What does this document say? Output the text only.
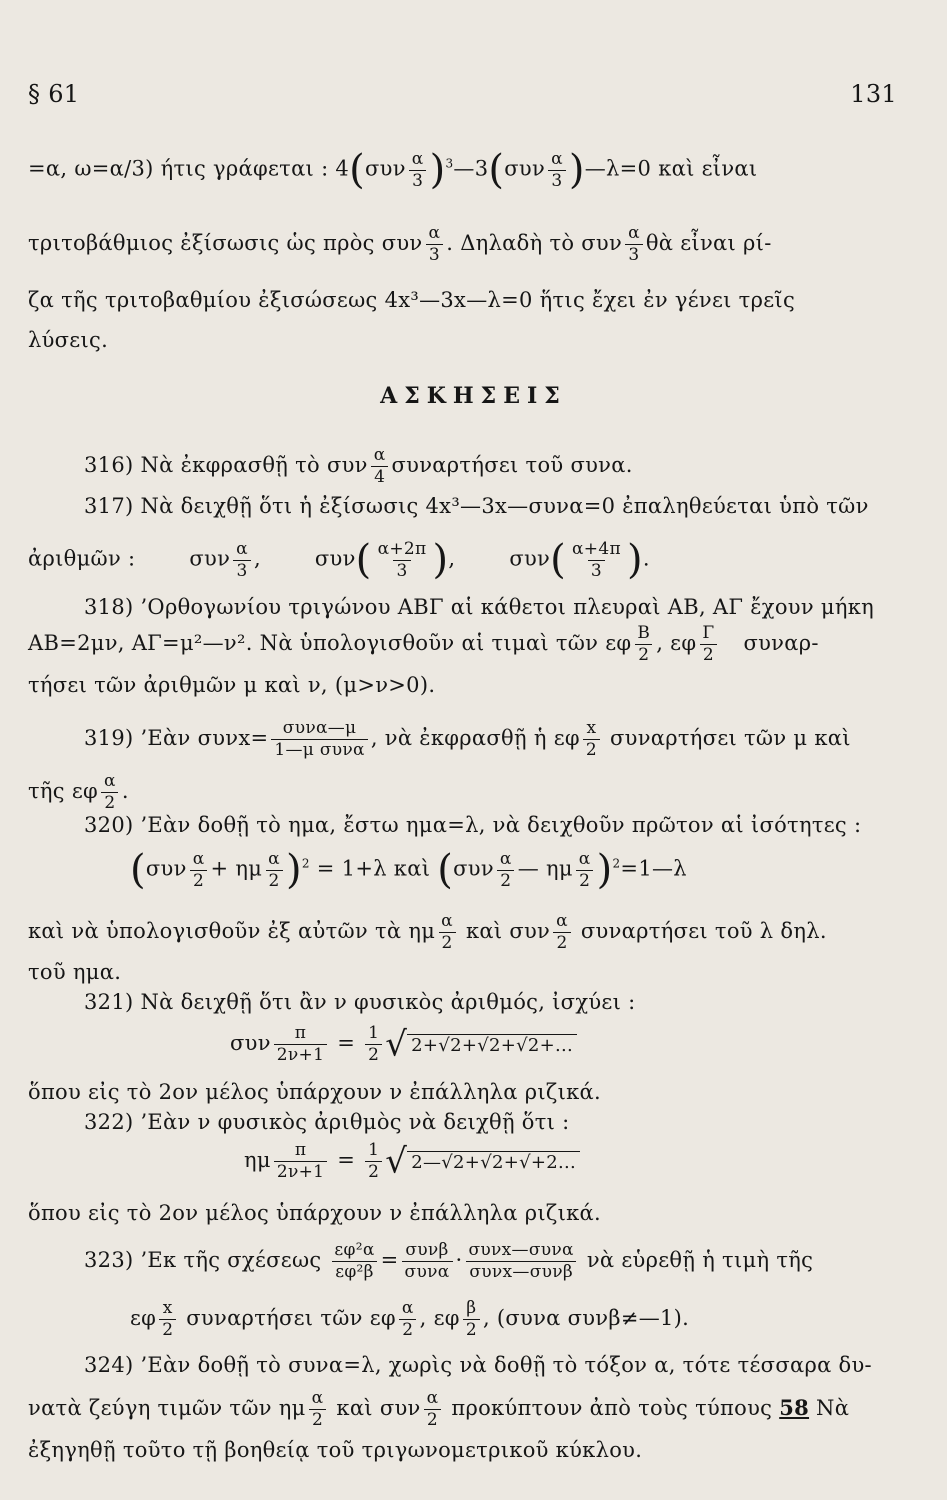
§ 61	131
=α, ω=α/3) ήτις γράφεται : $4(\sigma\upsilon\nu \frac{\alpha}{3}$ )$^3$—3(συν $\frac{\alpha}{3}$ )—λ=0 καὶ εἶναι
τριτοβάθμιος ἐξίσωσις ὡς πρὸς συν $\frac{\alpha}{3}$ . Δηλαδὴ τὸ συν $\frac{\alpha}{3}$ θὰ εἶναι ρί-
ζα τῆς τριτοβαθμίου ἐξισώσεως 4x³—3x—λ=0 ἥτις ἔχει ἐν γένει τρεῖς
λύσεις.
ΑΣΚΗΣΕΙΣ
316) Νὰ ἐκφρασθῇ τὸ συν $\frac{\alpha}{4}$ συναρτήσει τοῦ συνα.
317) Νὰ δειχθῇ ὅτι ἡ ἐξίσωσις 4x³—3x—συνα=0 ἐπαληθεύεται ὑπὸ τῶν
ἀριθμῶν :	συν $\frac{\alpha}{3}$ ,  $\sigma\upsilon\nu( \frac{\alpha+2\pi}{3}$ ),  $\sigma\upsilon\nu( \frac{\alpha+4\pi}{3}$ ).
318) ’Ορθογωνίου τριγώνου ΑΒΓ αἱ κάθετοι πλευραὶ ΑΒ, ΑΓ ἔχουν μήκη
ΑΒ=2μν, ΑΓ=μ²—ν². Νὰ ὑπολογισθοῦν αἱ τιμαὶ τῶν εφ $\frac{B}{2}$ , εφ $\frac{\Gamma}{2} \sigma\upsilon\nu\alpha\rho-$
τήσει τῶν ἀριθμῶν μ καὶ ν, (μ>ν>0).
319) ’Εὰν $\sigma\upsilon\nu x= \frac{\text{συνα—μ}}{\text{1—μ συνα}}$ , νὰ ἐκφρασθῇ ἡ εφ $\frac{x}{2}$ συναρτήσει τῶν μ καὶ
τῆς εφ $\frac{\alpha}{2}$ .
320) ’Εὰν δοθῇ τὸ ημα, ἔστω ημα=λ, νὰ δειχθοῦν πρῶτον αἱ ἰσότητες :
$(\sigma\upsilon\nu \frac{\alpha}{2} + \eta\mu \frac{\alpha}{2} )^2 = 1+\lambda$ καὶ ($\sigma\upsilon\nu \frac{\alpha}{2}$ — ημ $\frac{\alpha}{2}$ )$^2$=1—λ
καὶ νὰ ὑπολογισθοῦν ἐξ αὐτῶν τὰ ημ $\frac{\alpha}{2}$ καὶ συν $\frac{\alpha}{2}$ συναρτήσει τοῦ λ δηλ.
τοῦ ημα.
321) Νὰ δειχθῇ ὅτι ἂν ν φυσικὸς ἀριθμός, ἰσχύει :
συν $\frac{\pi}{2\nu+1} = \frac{1}{2}$ √ 2+√2+√2+√2+...
ὅπου εἰς τὸ 2ον μέλος ὑπάρχουν ν ἐπάλληλα ριζικά.
322) ’Εὰν ν φυσικὸς ἀριθμὸς νὰ δειχθῇ ὅτι :
ημ $\frac{\pi}{2\nu+1} = \frac{1}{2}$ √ 2—√2+√2+√+2...
ὅπου εἰς τὸ 2ον μέλος ὑπάρχουν ν ἐπάλληλα ριζικά.
323) ’Εκ τῆς σχέσεως $\frac{\text{εφ²α}}{\text{εφ²β}} = \frac{\text{συνβ}}{\text{συνα}} \cdot \frac{\text{συνx—συνα}}{\text{συνx—συνβ}}$ νὰ εὑρεθῇ ἡ τιμὴ τῆς
εφ $\frac{x}{2}$ συναρτήσει τῶν εφ $\frac{\alpha}{2}$ , εφ $\frac{\beta}{2}$ , (συνα συνβ≠—1).
324) ’Εὰν δοθῇ τὸ συνα=λ, χωρὶς νὰ δοθῇ τὸ τόξον α, τότε τέσσαρα δυ-
νατὰ ζεύγη τιμῶν τῶν ημ $\frac{\alpha}{2}$ καὶ συν $\frac{\alpha}{2}$ προκύπτουν ἀπὸ τοὺς τύπους 58 Νὰ
ἐξηγηθῇ τοῦτο τῇ βοηθείᾳ τοῦ τριγωνομετρικοῦ κύκλου.
